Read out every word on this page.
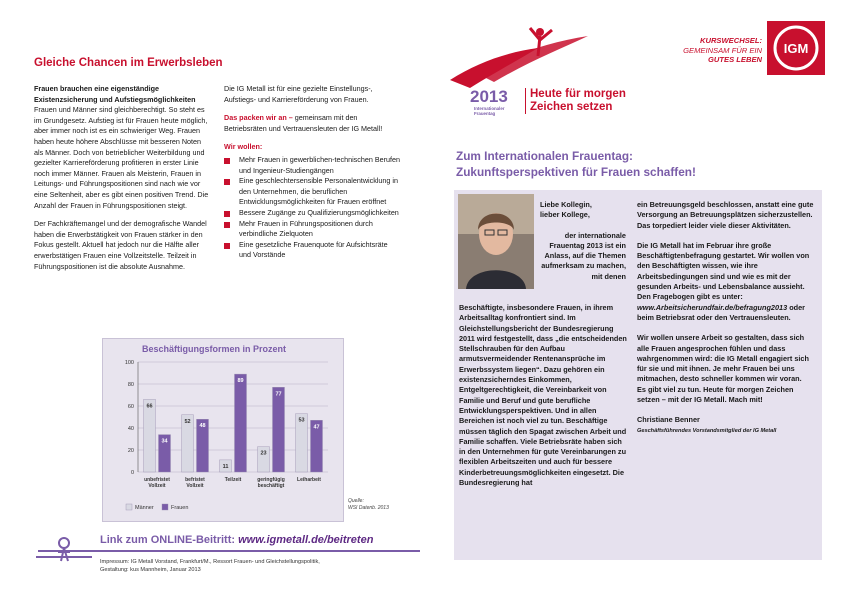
Gleiche Chancen im Erwerbsleben

Frauen brauchen eine eigenständige Existenzsicherung und Aufstiegsmöglichkeiten Frauen und Männer sind gleichberechtigt. So steht es im Grundgesetz. Aufstieg ist für Frauen heute möglich, aber immer noch ist es ein schwieriger Weg. Frauen haben heute höhere Abschlüsse mit besseren Noten als Männer. Doch von betrieblicher Weiterbildung und gezielter Karriereförderung profitieren in erster Linie noch immer Männer. Frauen als Meisterin, Frauen in Leitungs- und Führungspositionen sind nach wie vor eine Seltenheit, aber es gibt einen positiven Trend. Die Anzahl der Frauen in Führungspositionen steigt.

Der Fachkräftemangel und der demografische Wandel haben die Erwerbstätigkeit von Frauen stärker in den Fokus gestellt. Aktuell hat jedoch nur die Hälfte aller erwerbstätigen Frauen eine Vollzeitstelle. Teilzeit in Führungspositionen ist die absolute Ausnahme.

Die IG Metall ist für eine gezielte Einstellungs-, Aufstiegs- und Karriereförderung von Frauen.

Das packen wir an – gemeinsam mit den Betriebsräten und Vertrauensleuten der IG Metall!

Wir wollen:
Mehr Frauen in gewerblichen-technischen Berufen und Ingenieur-Studiengängen
Eine geschlechtersensible Personalentwicklung in den Unternehmen, die beruflichen Entwicklungsmöglichkeiten für Frauen eröffnet
Bessere Zugänge zu Qualifizierungsmöglichkeiten
Mehr Frauen in Führungspositionen durch verbindliche Zielquoten
Eine gesetzliche Frauenquote für Aufsichtsräte und Vorstände
Beschäftigungsformen in Prozent
0
20
40
60
80
100
66
34
unbefristet
Vollzeit
52
48
befristet
Vollzeit
11
89
Teilzeit
23
77
geringfügig
beschäftigt
53
47
Leiharbeit
Männer	Frauen
Quelle:
WSI Datenb. 2013
Link zum ONLINE-Beitritt: www.igmetall.de/beitreten
Impressum: IG Metall Vorstand, Frankfurt/M., Ressort Frauen- und Gleichstellungspolitik,
Gestaltung: kus Mannheim, Januar 2013
KURSWECHSEL:
GEMEINSAM FÜR EIN
GUTES LEBEN
IGM
2013
Internationaler
Frauentag
Heute für morgen
Zeichen setzen
Zum Internationalen Frauentag:
Zukunftsperspektiven für Frauen schaffen!

Liebe Kollegin,
lieber Kollege,

der internationale Frauentag 2013 ist ein Anlass, auf die Themen aufmerksam zu machen, mit denen

Beschäftigte, insbesondere Frauen, in ihrem Arbeitsalltag konfrontiert sind. Im Gleichstellungsbericht der Bundesregierung 2011 wird festgestellt, dass „die entscheidenden Stellschrauben für den Aufbau armutsvermeidender Rentenansprüche im Erwerbssystem liegen“. Dazu gehören ein existenzsicherndes Einkommen, Entgeltgerechtigkeit, die Vereinbarkeit von Familie und Beruf und gute berufliche Entwicklungsperspektiven. Und in allen Bereichen ist noch viel zu tun. Beschäftige müssen täglich den Spagat zwischen Arbeit und Familie schaffen. Viele Betriebsräte haben sich in den Unternehmen für gute Vereinbarungen zu flexiblen Arbeitszeiten und auch für bessere Kinderbetreuungsmöglichkeiten eingesetzt. Die Bundesregierung hat

ein Betreuungsgeld beschlossen, anstatt eine gute Versorgung an Betreuungsplätzen sicherzustellen. Das torpediert leider viele dieser Aktivitäten.

Die IG Metall hat im Februar ihre große Beschäftigtenbefragung gestartet. Wir wollen von den Beschäftigten wissen, wie ihre Arbeitsbedingungen sind und wie es mit der gesunden Arbeits- und Lebensbalance aussieht. Den Fragebogen gibt es unter:
www.Arbeitsicherundfair.de/befragung2013 oder beim Betriebsrat oder den Vertrauensleuten.

Wir wollen unsere Arbeit so gestalten, dass sich alle Frauen angesprochen fühlen und dass wahrgenommen wird: die IG Metall engagiert sich für sie und mit ihnen. Je mehr Frauen bei uns mitmachen, desto schneller kommen wir voran.

Es gibt viel zu tun. Heute für morgen Zeichen setzen – mit der IG Metall. Mach mit!

Christiane Benner
Geschäftsführendes Vorstandsmitglied der IG Metall
